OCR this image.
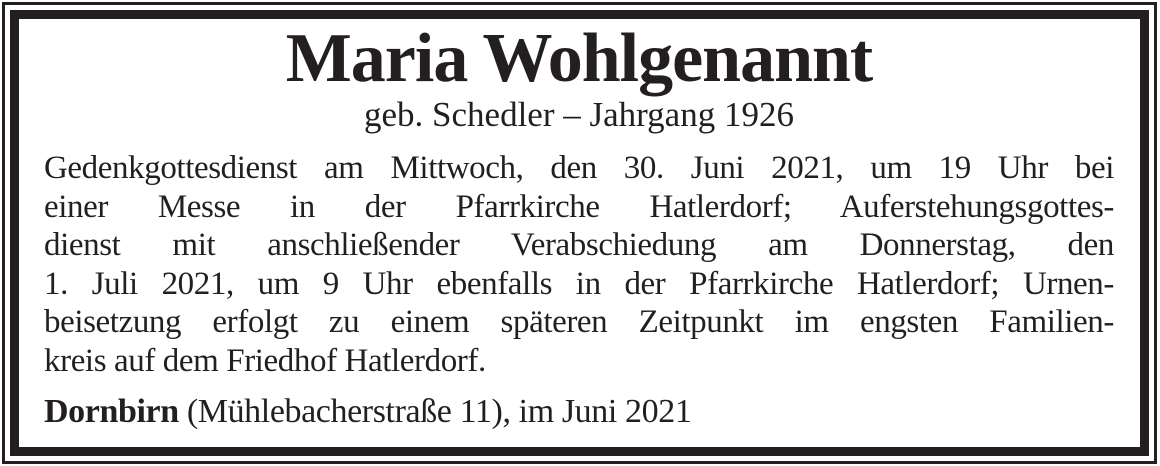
Maria Wohlgenannt
geb. Schedler – Jahrgang 1926
Gedenkgottesdienst am Mittwoch, den 30. Juni 2021, um 19 Uhr bei
einer Messe in der Pfarrkirche Hatlerdorf; Auferstehungsgottes-
dienst mit anschließender Verabschiedung am Donnerstag, den
1. Juli 2021, um 9 Uhr ebenfalls in der Pfarrkirche Hatlerdorf; Urnen-
beisetzung erfolgt zu einem späteren Zeitpunkt im engsten Familien-
kreis auf dem Friedhof Hatlerdorf.
Dornbirn (Mühlebacherstraße 11), im Juni 2021
